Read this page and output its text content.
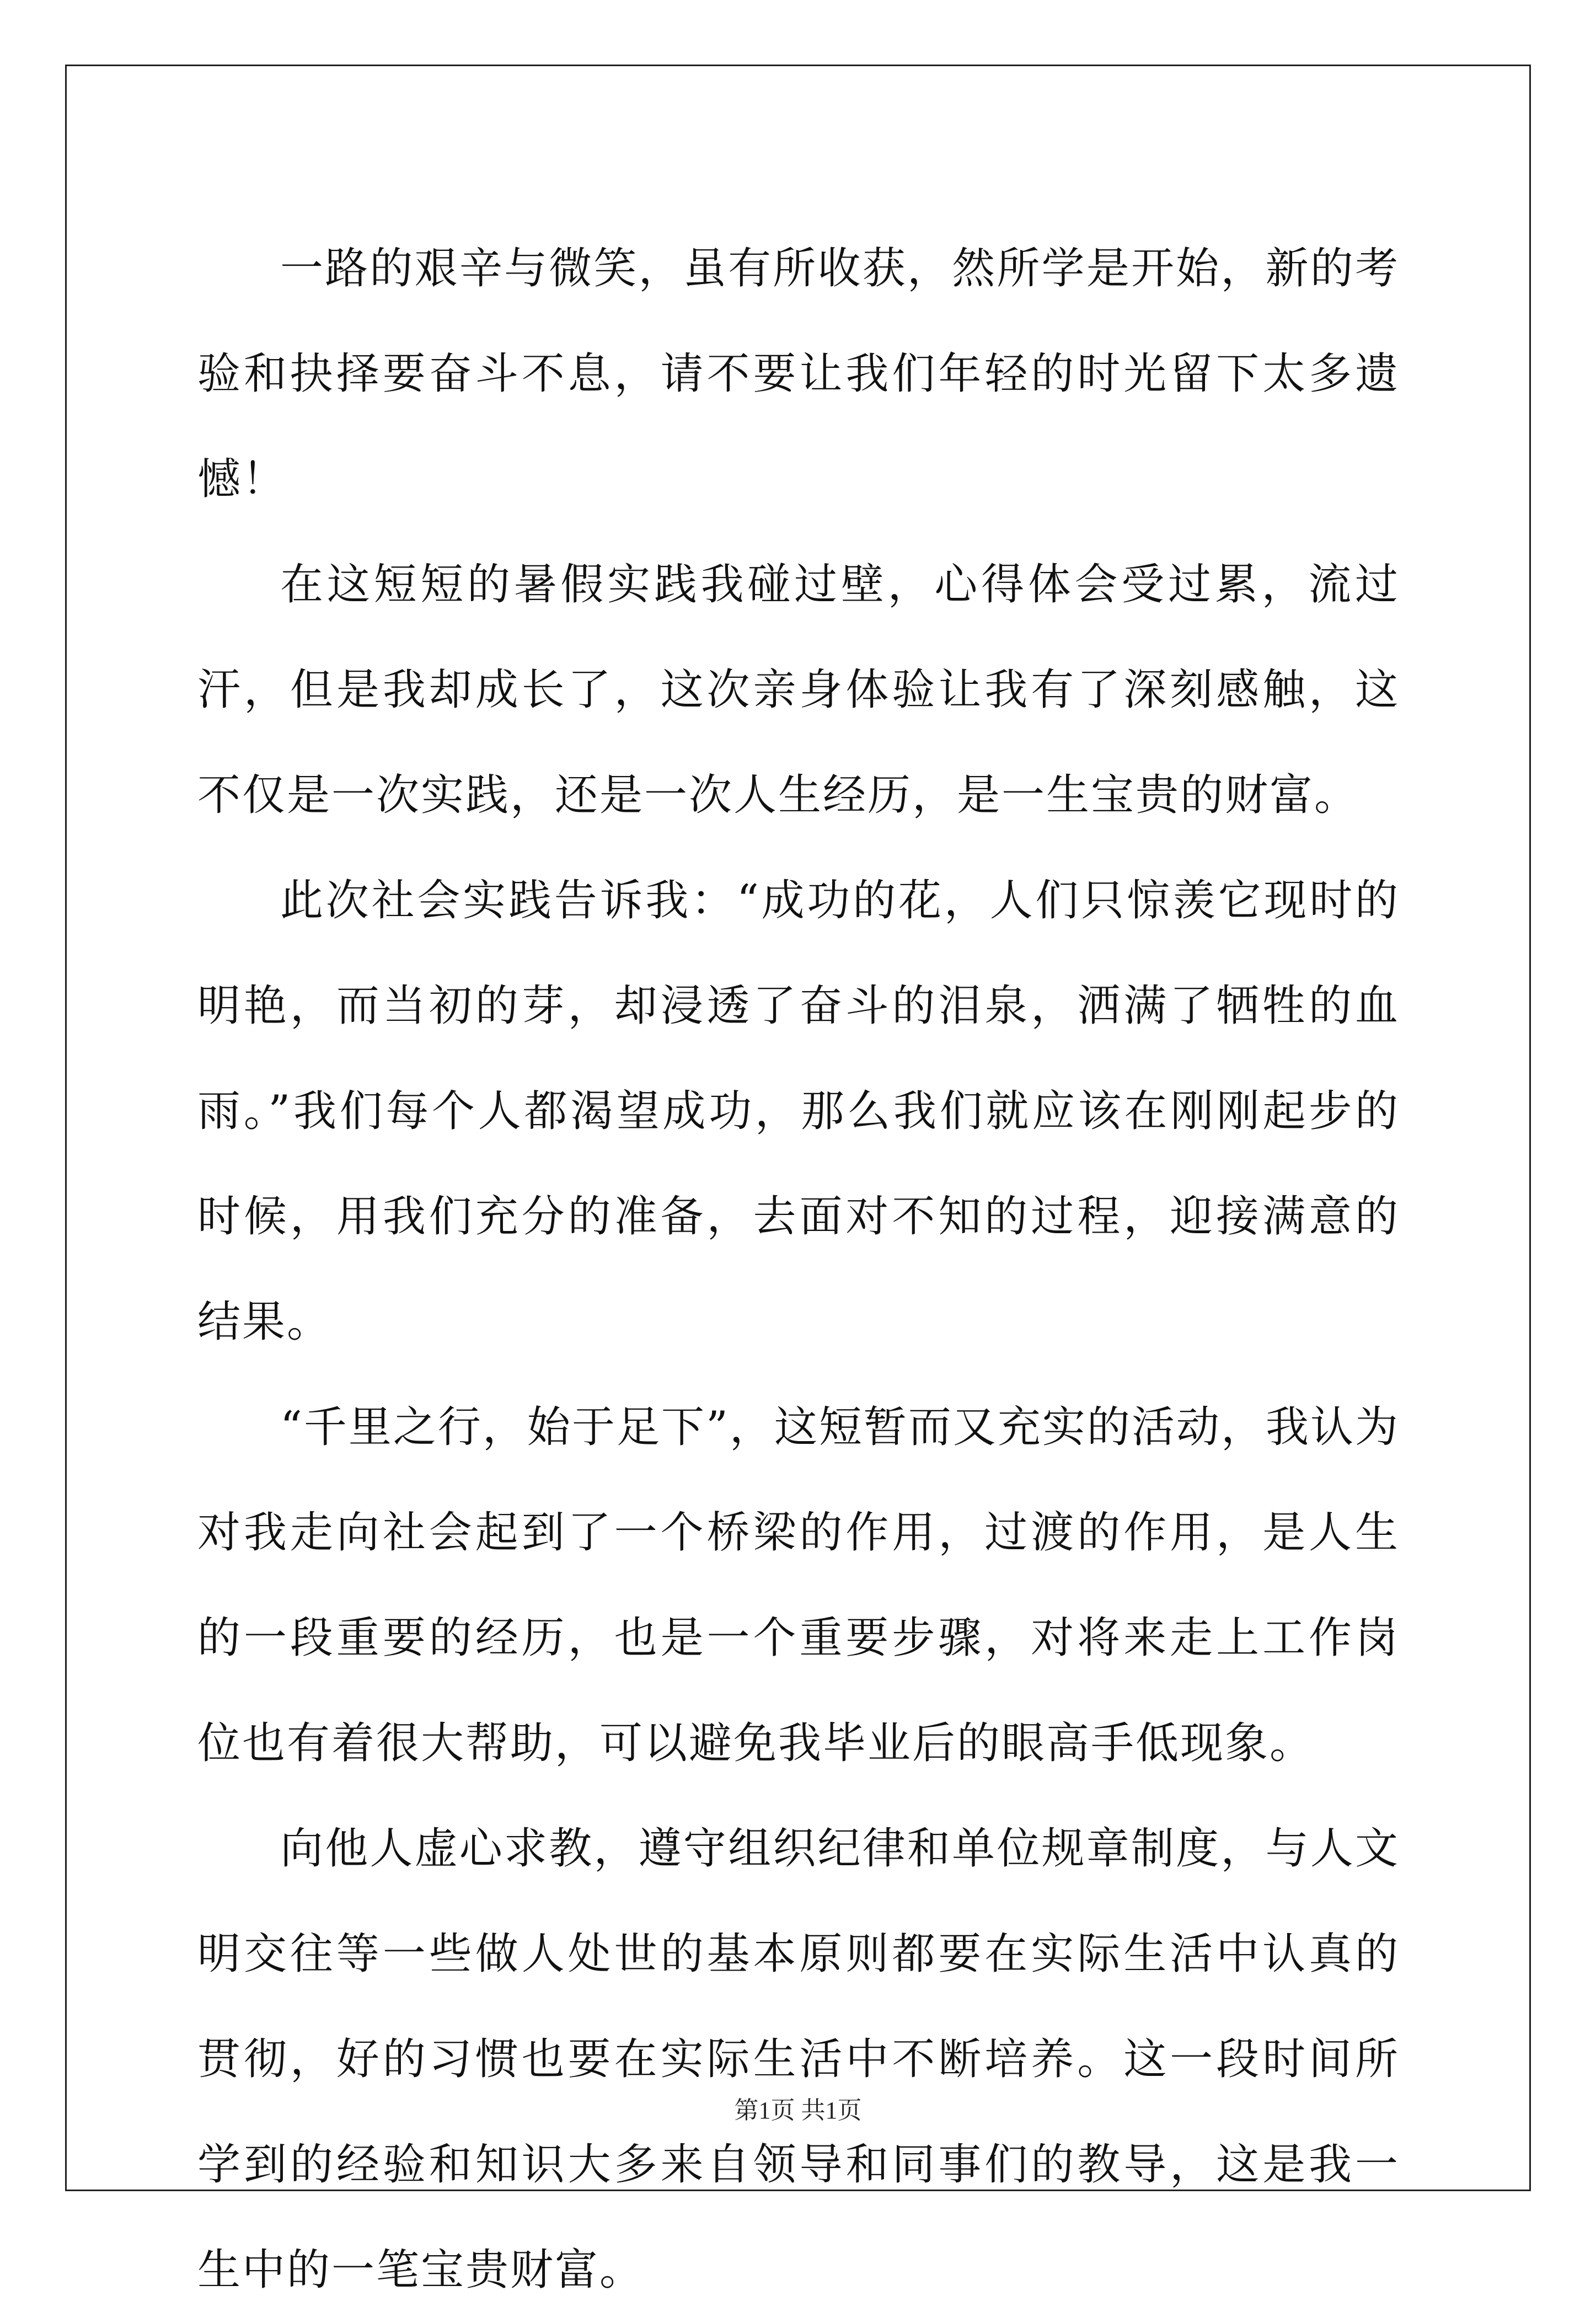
一路的艰辛与微笑，虽有所收获，然所学是开始，新的考验和抉择要奋斗不息，请不要让我们年轻的时光留下太多遗憾！

在这短短的暑假实践我碰过壁，心得体会受过累，流过汗，但是我却成长了，这次亲身体验让我有了深刻感触，这不仅是一次实践，还是一次人生经历，是一生宝贵的财富。

此次社会实践告诉我：“成功的花，人们只惊羡它现时的明艳，而当初的芽，却浸透了奋斗的泪泉，洒满了牺牲的血雨。”我们每个人都渴望成功，那么我们就应该在刚刚起步的时候，用我们充分的准备，去面对不知的过程，迎接满意的结果。

“千里之行，始于足下”，这短暂而又充实的活动，我认为对我走向社会起到了一个桥梁的作用，过渡的作用，是人生的一段重要的经历，也是一个重要步骤，对将来走上工作岗位也有着很大帮助，可以避免我毕业后的眼高手低现象。

向他人虚心求教，遵守组织纪律和单位规章制度，与人文明交往等一些做人处世的基本原则都要在实际生活中认真的贯彻，好的习惯也要在实际生活中不断培养。这一段时间所学到的经验和知识大多来自领导和同事们的教导，这是我一生中的一笔宝贵财富。

第1页 共1页
